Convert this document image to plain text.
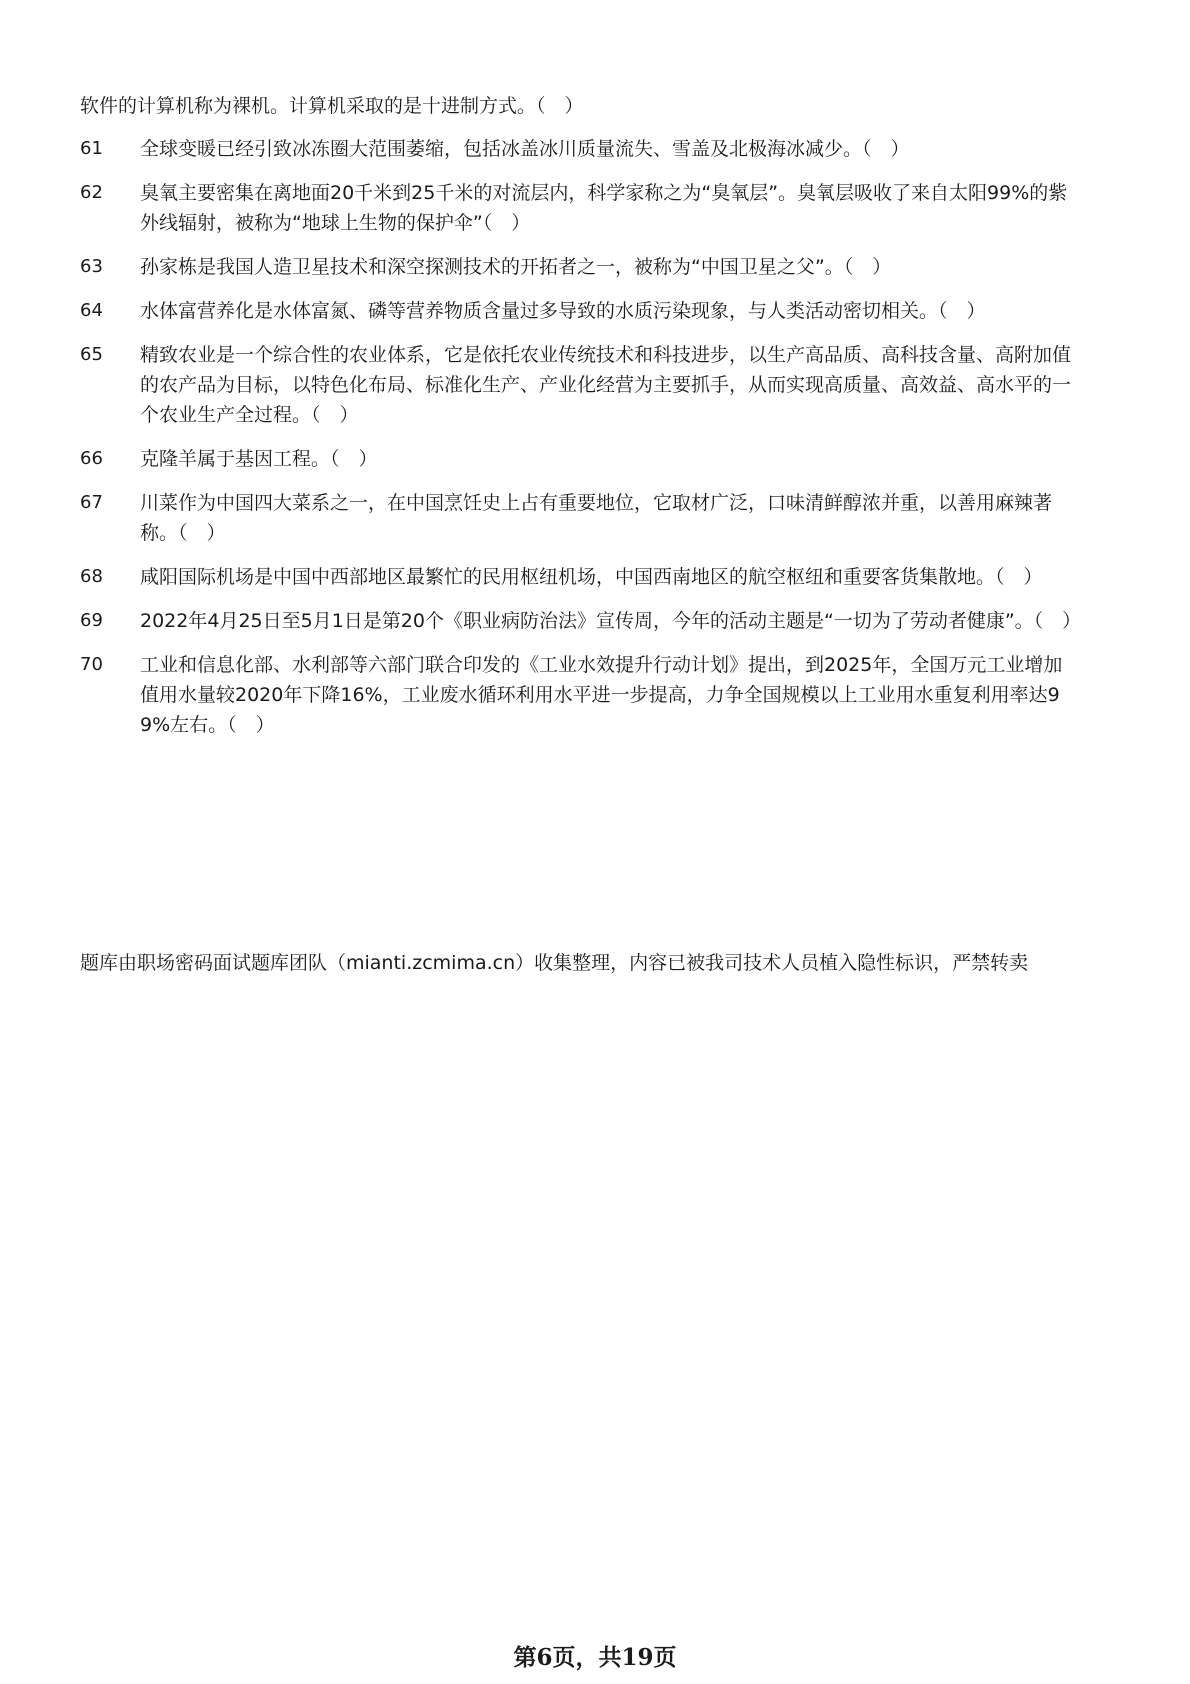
软件的计算机称为裸机。计算机采取的是十进制方式。（　）
61	全球变暖已经引致冰冻圈大范围萎缩，包括冰盖冰川质量流失、雪盖及北极海冰减少。（　）
62	臭氧主要密集在离地面20千米到25千米的对流层内，科学家称之为“臭氧层”。臭氧层吸收了来自太阳99%的紫外线辐射，被称为“地球上生物的保护伞”（　）
63	孙家栋是我国人造卫星技术和深空探测技术的开拓者之一，被称为“中国卫星之父”。（　）
64	水体富营养化是水体富氮、磷等营养物质含量过多导致的水质污染现象，与人类活动密切相关。（　）
65	精致农业是一个综合性的农业体系，它是依托农业传统技术和科技进步，以生产高品质、高科技含量、高附加值的农产品为目标，以特色化布局、标准化生产、产业化经营为主要抓手，从而实现高质量、高效益、高水平的一个农业生产全过程。（　）
66	克隆羊属于基因工程。（　）
67	川菜作为中国四大菜系之一，在中国烹饪史上占有重要地位，它取材广泛，口味清鲜醇浓并重，以善用麻辣著称。（　）
68	咸阳国际机场是中国中西部地区最繁忙的民用枢纽机场，中国西南地区的航空枢纽和重要客货集散地。（　）
69	2022年4月25日至5月1日是第20个《职业病防治法》宣传周，今年的活动主题是“一切为了劳动者健康”。（　）
70	工业和信息化部、水利部等六部门联合印发的《工业水效提升行动计划》提出，到2025年，全国万元工业增加值用水量较2020年下降16%，工业废水循环利用水平进一步提高，力争全国规模以上工业用水重复利用率达99%左右。（　）
题库由职场密码面试题库团队（mianti.zcmima.cn）收集整理，内容已被我司技术人员植入隐性标识，严禁转卖
第6页，共19页
